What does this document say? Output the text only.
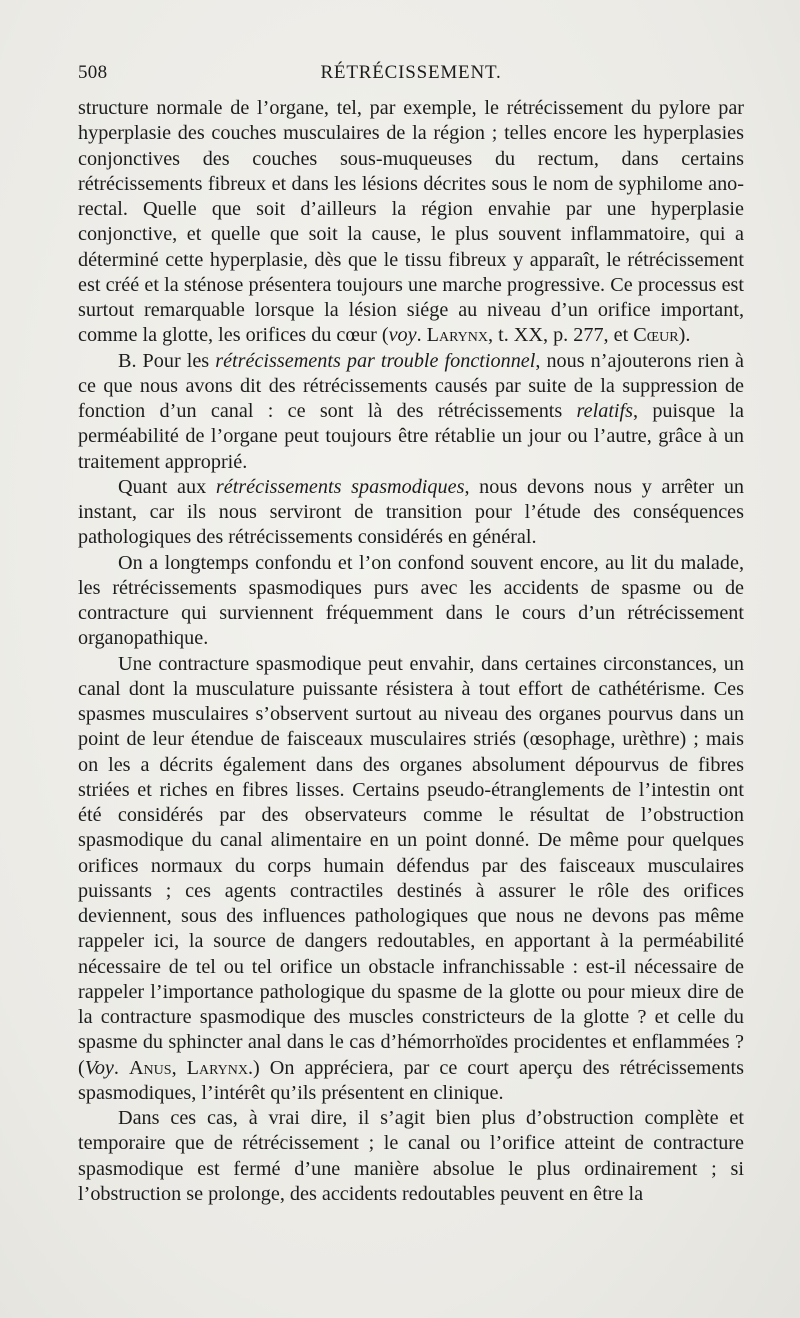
508	RÉTRÉCISSEMENT.

structure normale de l’organe, tel, par exemple, le rétrécissement du pylore par hyperplasie des couches musculaires de la région ; telles encore les hyperplasies conjonctives des couches sous-muqueuses du rectum, dans certains rétrécissements fibreux et dans les lésions décrites sous le nom de syphilome ano-rectal. Quelle que soit d’ailleurs la région envahie par une hyperplasie conjonctive, et quelle que soit la cause, le plus souvent inflammatoire, qui a déterminé cette hyperplasie, dès que le tissu fibreux y apparaît, le rétrécissement est créé et la sténose présentera toujours une marche progressive. Ce processus est surtout remarquable lorsque la lésion siége au niveau d’un orifice important, comme la glotte, les orifices du cœur (voy. Larynx, t. XX, p. 277, et Cœur).

B. Pour les rétrécissements par trouble fonctionnel, nous n’ajouterons rien à ce que nous avons dit des rétrécissements causés par suite de la suppression de fonction d’un canal : ce sont là des rétrécissements relatifs, puisque la perméabilité de l’organe peut toujours être rétablie un jour ou l’autre, grâce à un traitement approprié.

Quant aux rétrécissements spasmodiques, nous devons nous y arrêter un instant, car ils nous serviront de transition pour l’étude des conséquences pathologiques des rétrécissements considérés en général.

On a longtemps confondu et l’on confond souvent encore, au lit du malade, les rétrécissements spasmodiques purs avec les accidents de spasme ou de contracture qui surviennent fréquemment dans le cours d’un rétrécissement organopathique.

Une contracture spasmodique peut envahir, dans certaines circonstances, un canal dont la musculature puissante résistera à tout effort de cathétérisme. Ces spasmes musculaires s’observent surtout au niveau des organes pourvus dans un point de leur étendue de faisceaux musculaires striés (œsophage, urèthre) ; mais on les a décrits également dans des organes absolument dépourvus de fibres striées et riches en fibres lisses. Certains pseudo-étranglements de l’intestin ont été considérés par des observateurs comme le résultat de l’obstruction spasmodique du canal alimentaire en un point donné. De même pour quelques orifices normaux du corps humain défendus par des faisceaux musculaires puissants ; ces agents contractiles destinés à assurer le rôle des orifices deviennent, sous des influences pathologiques que nous ne devons pas même rappeler ici, la source de dangers redoutables, en apportant à la perméabilité nécessaire de tel ou tel orifice un obstacle infranchissable : est-il nécessaire de rappeler l’importance pathologique du spasme de la glotte ou pour mieux dire de la contracture spasmodique des muscles constricteurs de la glotte ? et celle du spasme du sphincter anal dans le cas d’hémorrhoïdes procidentes et enflammées ? (Voy. Anus, Larynx.) On appréciera, par ce court aperçu des rétrécissements spasmodiques, l’intérêt qu’ils présentent en clinique.

Dans ces cas, à vrai dire, il s’agit bien plus d’obstruction complète et temporaire que de rétrécissement ; le canal ou l’orifice atteint de contracture spasmodique est fermé d’une manière absolue le plus ordinairement ; si l’obstruction se prolonge, des accidents redoutables peuvent en être la
